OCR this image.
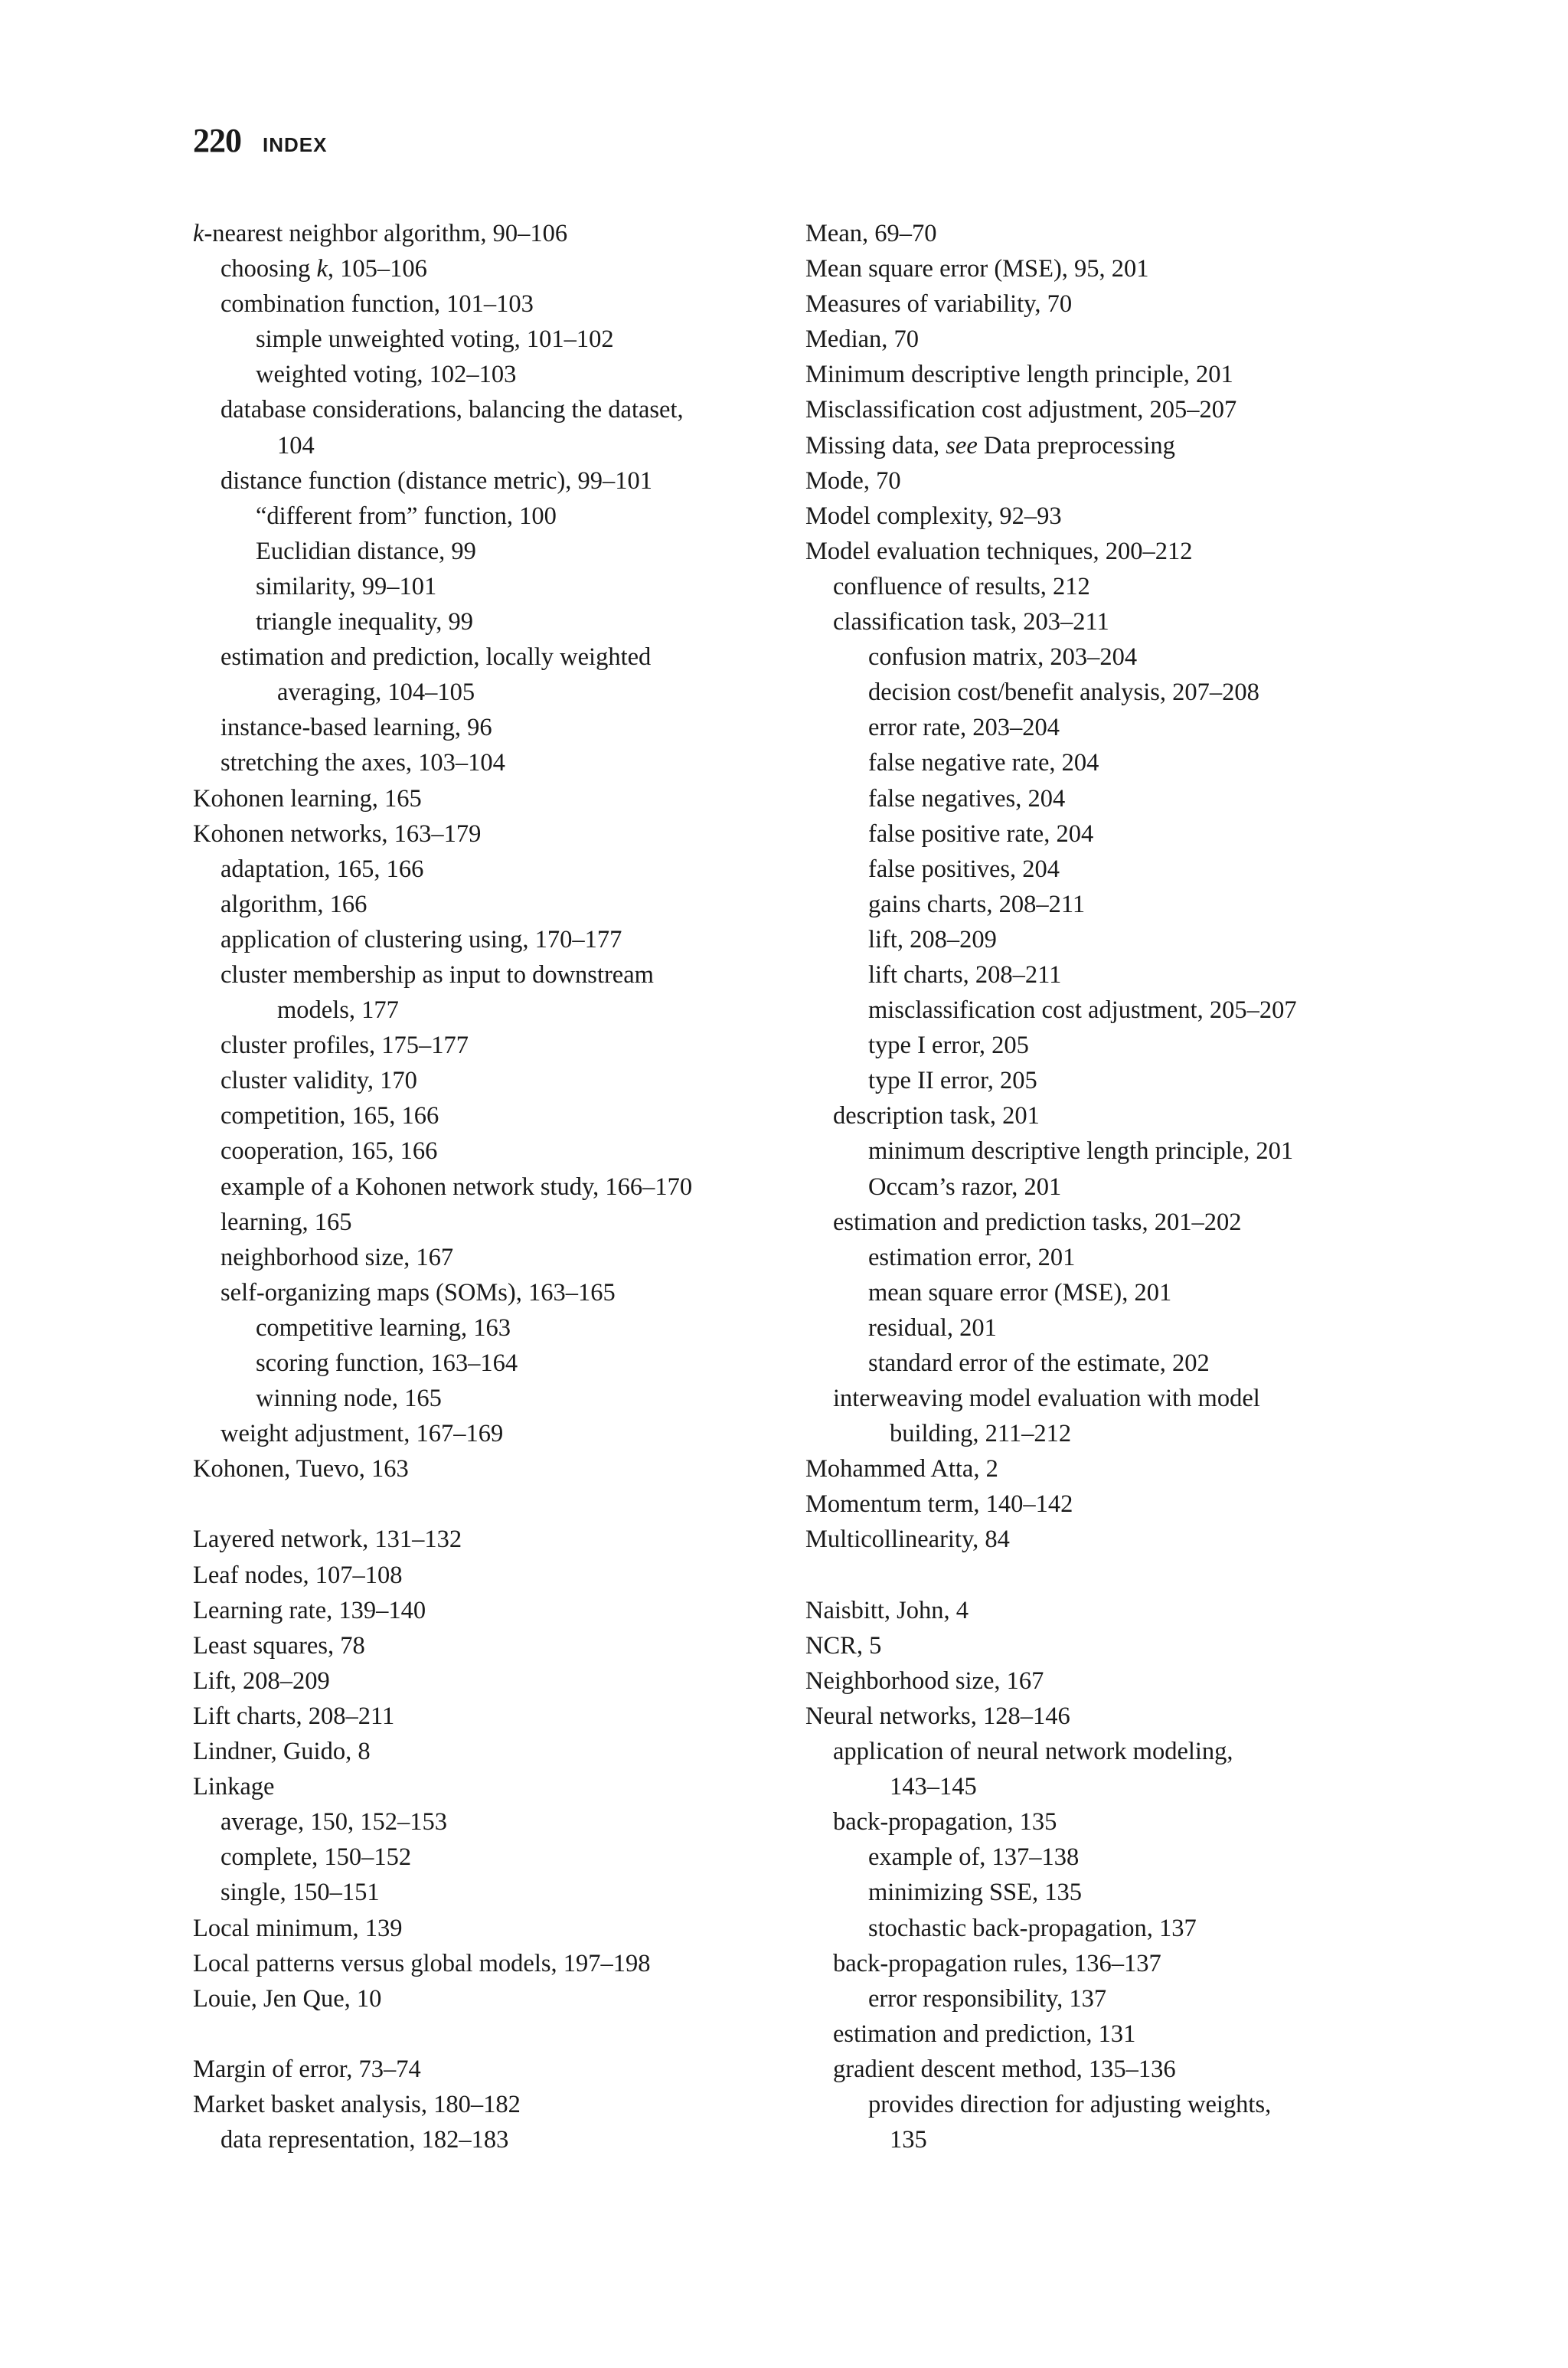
220 INDEX
k-nearest neighbor algorithm, 90–106
choosing k, 105–106
combination function, 101–103
simple unweighted voting, 101–102
weighted voting, 102–103
database considerations, balancing the dataset,
104
distance function (distance metric), 99–101
“different from” function, 100
Euclidian distance, 99
similarity, 99–101
triangle inequality, 99
estimation and prediction, locally weighted
averaging, 104–105
instance-based learning, 96
stretching the axes, 103–104
Kohonen learning, 165
Kohonen networks, 163–179
adaptation, 165, 166
algorithm, 166
application of clustering using, 170–177
cluster membership as input to downstream
models, 177
cluster profiles, 175–177
cluster validity, 170
competition, 165, 166
cooperation, 165, 166
example of a Kohonen network study, 166–170
learning, 165
neighborhood size, 167
self-organizing maps (SOMs), 163–165
competitive learning, 163
scoring function, 163–164
winning node, 165
weight adjustment, 167–169
Kohonen, Tuevo, 163
Layered network, 131–132
Leaf nodes, 107–108
Learning rate, 139–140
Least squares, 78
Lift, 208–209
Lift charts, 208–211
Lindner, Guido, 8
Linkage
average, 150, 152–153
complete, 150–152
single, 150–151
Local minimum, 139
Local patterns versus global models, 197–198
Louie, Jen Que, 10
Margin of error, 73–74
Market basket analysis, 180–182
data representation, 182–183
Mean, 69–70
Mean square error (MSE), 95, 201
Measures of variability, 70
Median, 70
Minimum descriptive length principle, 201
Misclassification cost adjustment, 205–207
Missing data, see Data preprocessing
Mode, 70
Model complexity, 92–93
Model evaluation techniques, 200–212
confluence of results, 212
classification task, 203–211
confusion matrix, 203–204
decision cost/benefit analysis, 207–208
error rate, 203–204
false negative rate, 204
false negatives, 204
false positive rate, 204
false positives, 204
gains charts, 208–211
lift, 208–209
lift charts, 208–211
misclassification cost adjustment, 205–207
type I error, 205
type II error, 205
description task, 201
minimum descriptive length principle, 201
Occam’s razor, 201
estimation and prediction tasks, 201–202
estimation error, 201
mean square error (MSE), 201
residual, 201
standard error of the estimate, 202
interweaving model evaluation with model
building, 211–212
Mohammed Atta, 2
Momentum term, 140–142
Multicollinearity, 84
Naisbitt, John, 4
NCR, 5
Neighborhood size, 167
Neural networks, 128–146
application of neural network modeling,
143–145
back-propagation, 135
example of, 137–138
minimizing SSE, 135
stochastic back-propagation, 137
back-propagation rules, 136–137
error responsibility, 137
estimation and prediction, 131
gradient descent method, 135–136
provides direction for adjusting weights,
135
